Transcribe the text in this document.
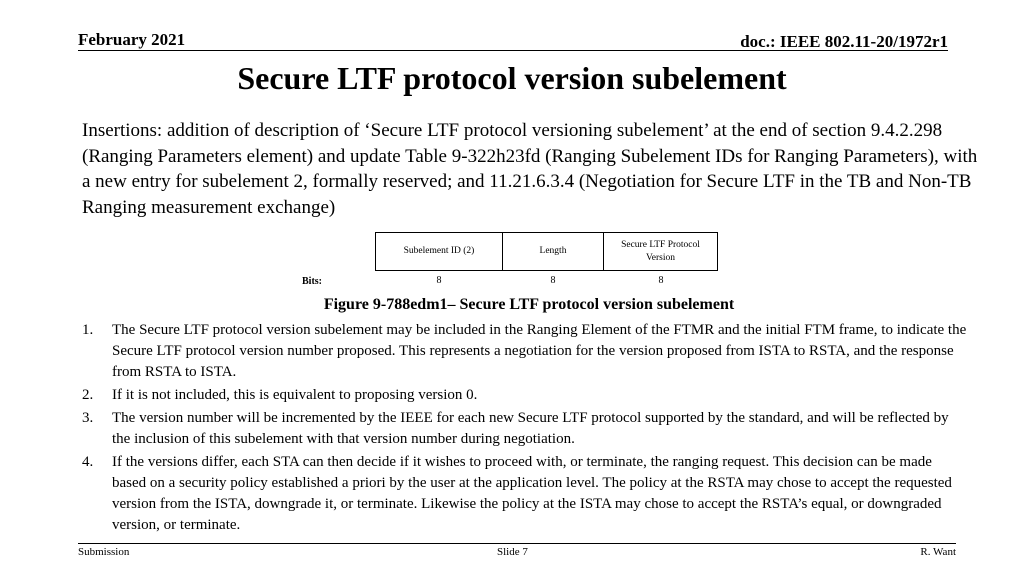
February 2021	doc.: IEEE 802.11-20/1972r1
Secure LTF protocol version subelement
Insertions: addition of description of ‘Secure LTF protocol versioning subelement’ at the end of section 9.4.2.298 (Ranging Parameters element) and update Table 9-322h23fd (Ranging Subelement IDs for Ranging Parameters), with a new entry for subelement 2, formally reserved; and 11.21.6.3.4 (Negotiation for Secure LTF in the TB and Non-TB Ranging measurement exchange)
Subelement ID (2)	Length	Secure LTF Protocol Version
Bits:	8	8	8
Figure 9-788edm1– Secure LTF protocol version subelement
1.	The Secure LTF protocol version subelement may be included in the Ranging Element of the FTMR and the initial FTM frame, to indicate the Secure LTF protocol version number proposed. This represents a negotiation for the version proposed from ISTA to RSTA, and the response from RSTA to ISTA.
2.	If it is not included, this is equivalent to proposing version 0.
3.	The version number will be incremented by the IEEE for each new Secure LTF protocol supported by the standard, and will be reflected by the inclusion of this subelement with that version number during negotiation.
4.	If the versions differ, each STA can then decide if it wishes to proceed with, or terminate, the ranging request. This decision can be made based on a security policy established a priori by the user at the application level. The policy at the RSTA may chose to accept the requested version from the ISTA, downgrade it, or terminate. Likewise the policy at the ISTA may chose to accept the RSTA’s equal, or downgraded version, or terminate.
Submission	Slide 7	R. Want
